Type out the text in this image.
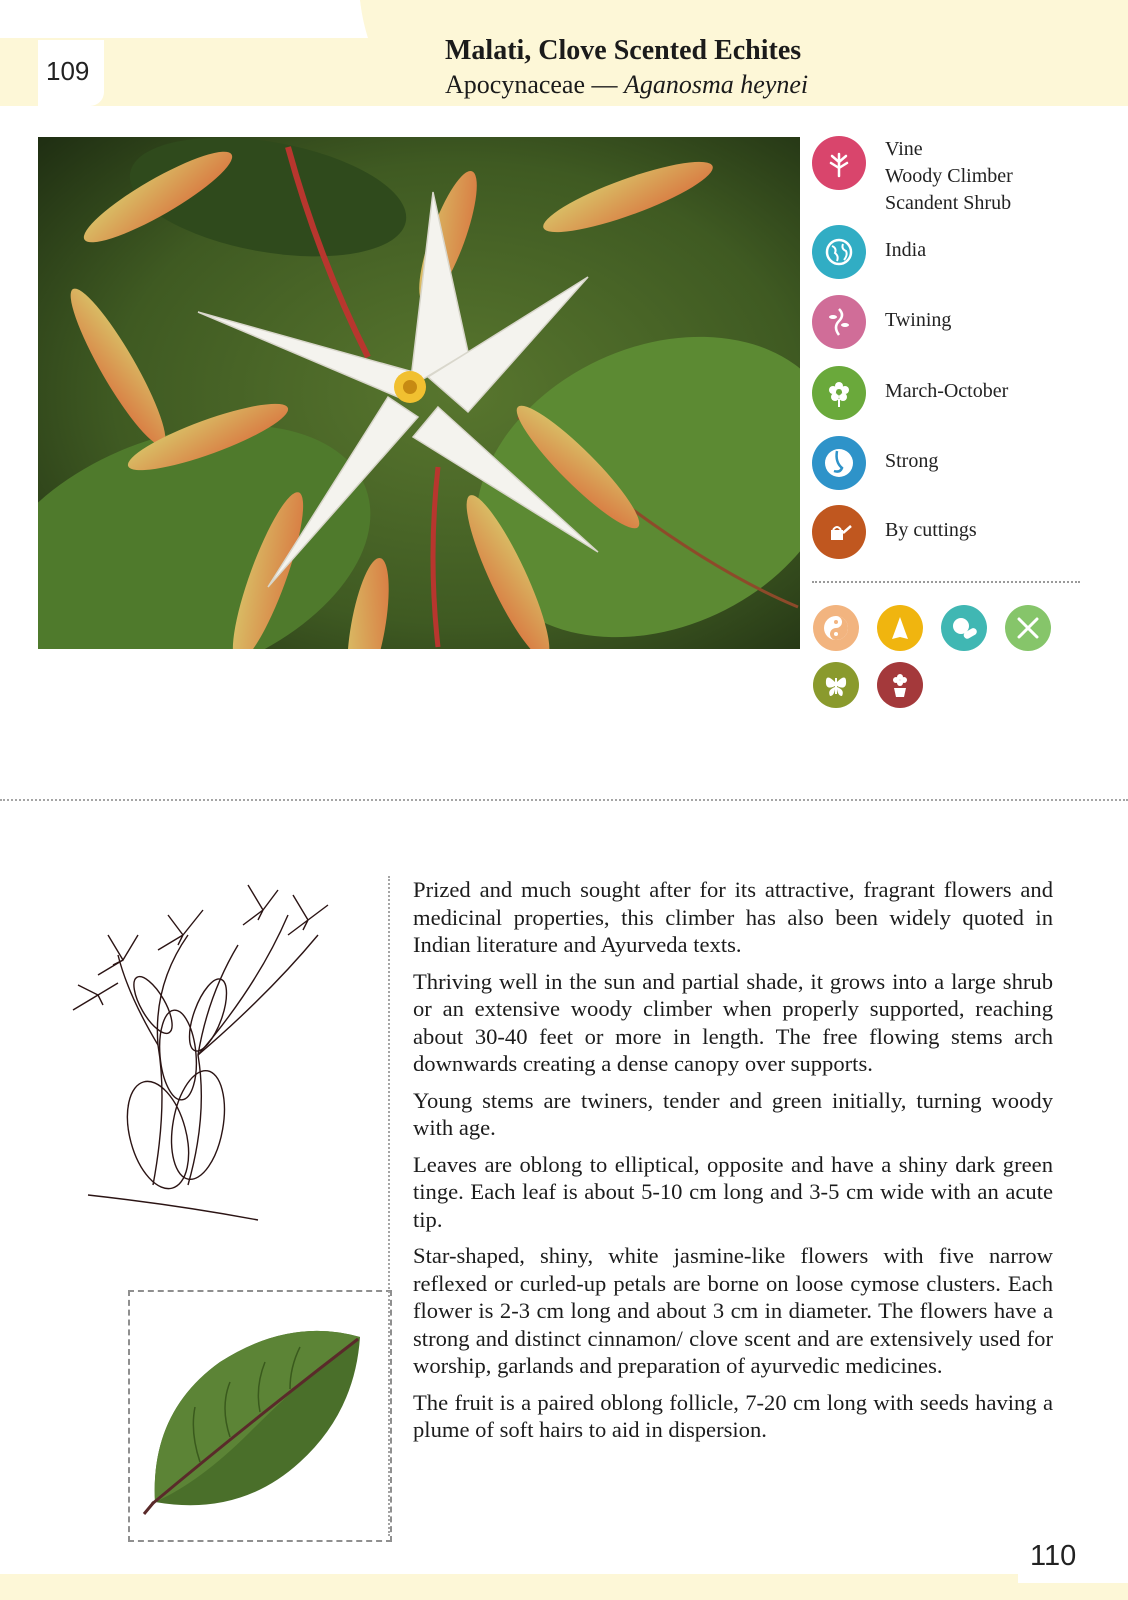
109
Malati, Clove Scented Echites
Apocynaceae — Aganosma heynei
Vine
Woody Climber
Scandent Shrub
India
Twining
March-October
Strong
By cuttings

Prized and much sought after for its attractive, fragrant flowers and medicinal properties, this climber has also been widely quoted in Indian literature and Ayurveda texts.

Thriving well in the sun and partial shade, it grows into a large shrub or an extensive woody climber when properly supported, reaching about 30-40 feet or more in length. The free flowing stems arch downwards creating a dense canopy over supports.

Young stems are twiners, tender and green initially, turning woody with age.

Leaves are oblong to elliptical, opposite and have a shiny dark green tinge. Each leaf is about 5-10 cm long and 3-5 cm wide with an acute tip.

Star-shaped, shiny, white jasmine-like flowers with five narrow reflexed or curled-up petals are borne on loose cymose clusters. Each flower is 2-3 cm long and about 3 cm in diameter. The flowers have a strong and distinct cinnamon/ clove scent and are extensively used for worship, garlands and preparation of ayurvedic medicines.

The fruit is a paired oblong follicle, 7-20 cm long with seeds having a plume of soft hairs to aid in dispersion.

110
